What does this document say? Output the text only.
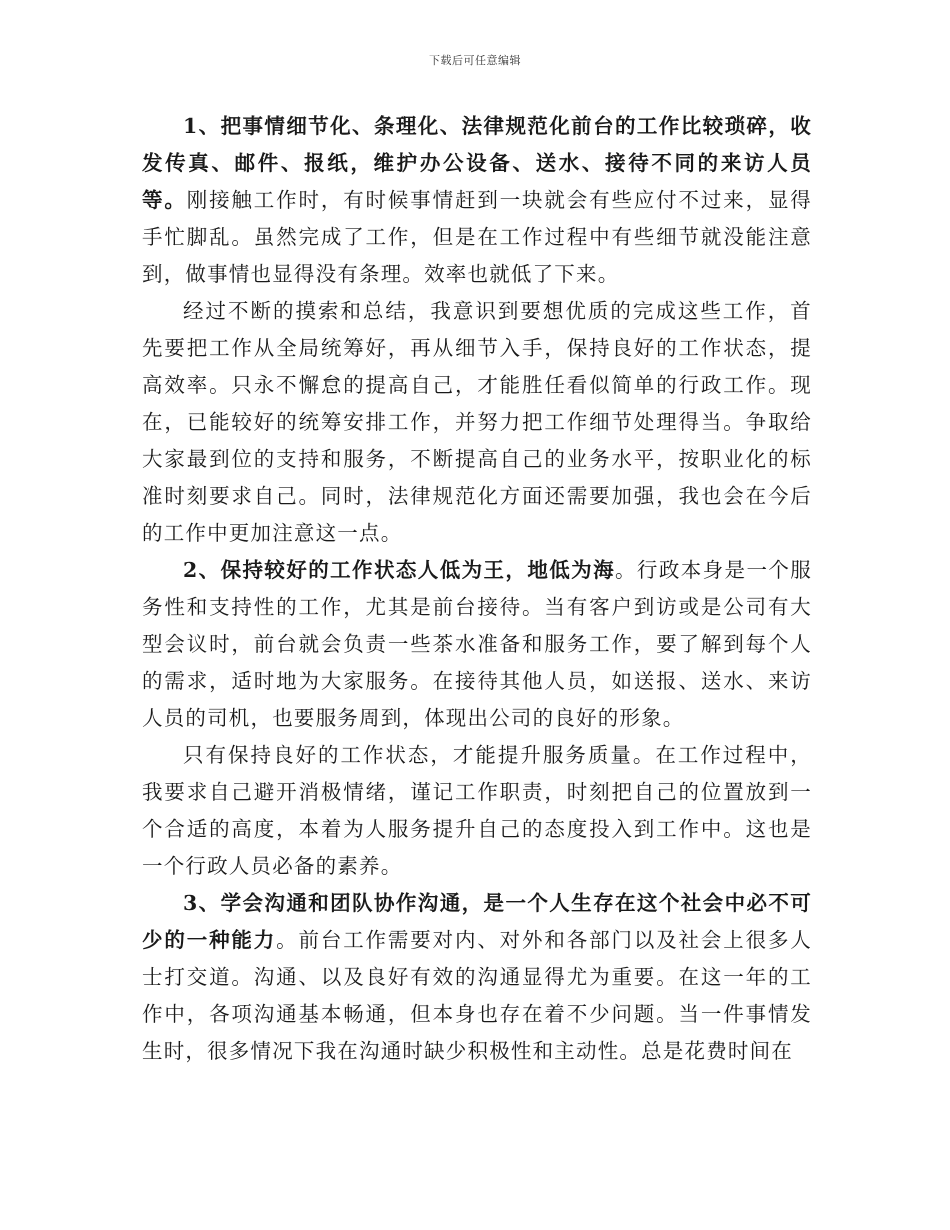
下载后可任意编辑

1、把事情细节化、条理化、法律规范化前台的工作比较琐碎，收发传真、邮件、报纸，维护办公设备、送水、接待不同的来访人员等。刚接触工作时，有时候事情赶到一块就会有些应付不过来，显得手忙脚乱。虽然完成了工作，但是在工作过程中有些细节就没能注意到，做事情也显得没有条理。效率也就低了下来。

经过不断的摸索和总结，我意识到要想优质的完成这些工作，首先要把工作从全局统筹好，再从细节入手，保持良好的工作状态，提高效率。只永不懈怠的提高自己，才能胜任看似简单的行政工作。现在，已能较好的统筹安排工作，并努力把工作细节处理得当。争取给大家最到位的支持和服务，不断提高自己的业务水平，按职业化的标准时刻要求自己。同时，法律规范化方面还需要加强，我也会在今后的工作中更加注意这一点。

2、保持较好的工作状态人低为王，地低为海。行政本身是一个服务性和支持性的工作，尤其是前台接待。当有客户到访或是公司有大型会议时，前台就会负责一些茶水准备和服务工作，要了解到每个人的需求，适时地为大家服务。在接待其他人员，如送报、送水、来访人员的司机，也要服务周到，体现出公司的良好的形象。

只有保持良好的工作状态，才能提升服务质量。在工作过程中，我要求自己避开消极情绪，谨记工作职责，时刻把自己的位置放到一个合适的高度，本着为人服务提升自己的态度投入到工作中。这也是一个行政人员必备的素养。

3、学会沟通和团队协作沟通，是一个人生存在这个社会中必不可少的一种能力。前台工作需要对内、对外和各部门以及社会上很多人士打交道。沟通、以及良好有效的沟通显得尤为重要。在这一年的工作中，各项沟通基本畅通，但本身也存在着不少问题。当一件事情发生时，很多情况下我在沟通时缺少积极性和主动性。总是花费时间在
